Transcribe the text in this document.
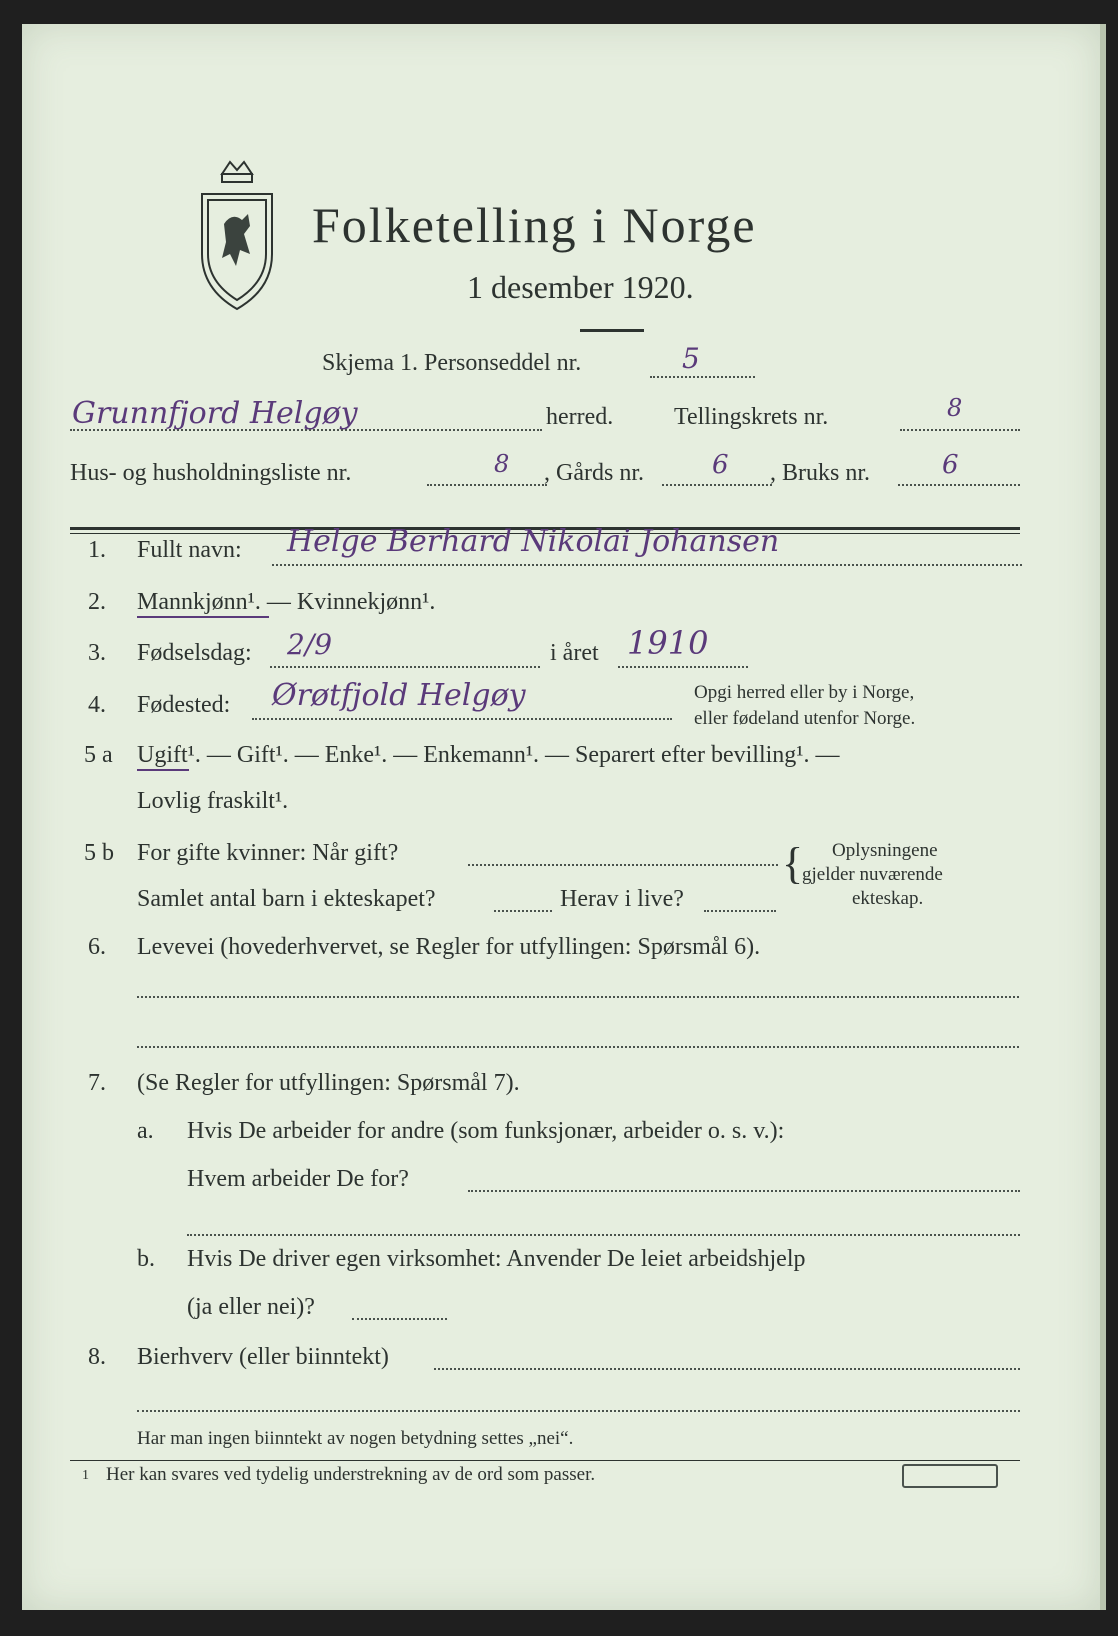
Folketelling i Norge
1 desember 1920.
Skjema 1. Personseddel nr.	5
Grunnfjord Helgøy	herred.	Tellingskrets nr.	8
Hus- og husholdningsliste nr.	8 , Gårds nr.	6 , Bruks nr.	6
1. Fullt navn: Helge Berhard Nikolai Johansen
2. Mannkjønn¹. — Kvinnekjønn¹.
3. Fødselsdag: 2/9	i året 1910
4. Fødested: Ørøtfjold Helgøy	Opgi herred eller by i Norge,
eller fødeland utenfor Norge.
5 a Ugift¹. — Gift¹. — Enke¹. — Enkemann¹. — Separert efter bevilling¹. —
Lovlig fraskilt¹.
5 b For gifte kvinner: Når gift?
Samlet antal barn i ekteskapet?	Herav i live?
{ Oplysningene
gjelder nuværende
ekteskap.
6. Levevei (hovederhvervet, se Regler for utfyllingen: Spørsmål 6).
7. (Se Regler for utfyllingen: Spørsmål 7).
a. Hvis De arbeider for andre (som funksjonær, arbeider o. s. v.):
Hvem arbeider De for?
b. Hvis De driver egen virksomhet: Anvender De leiet arbeidshjelp
(ja eller nei)?
8. Bierhverv (eller biinntekt)
Har man ingen biinntekt av nogen betydning settes „nei“.
1 Her kan svares ved tydelig understrekning av de ord som passer.
